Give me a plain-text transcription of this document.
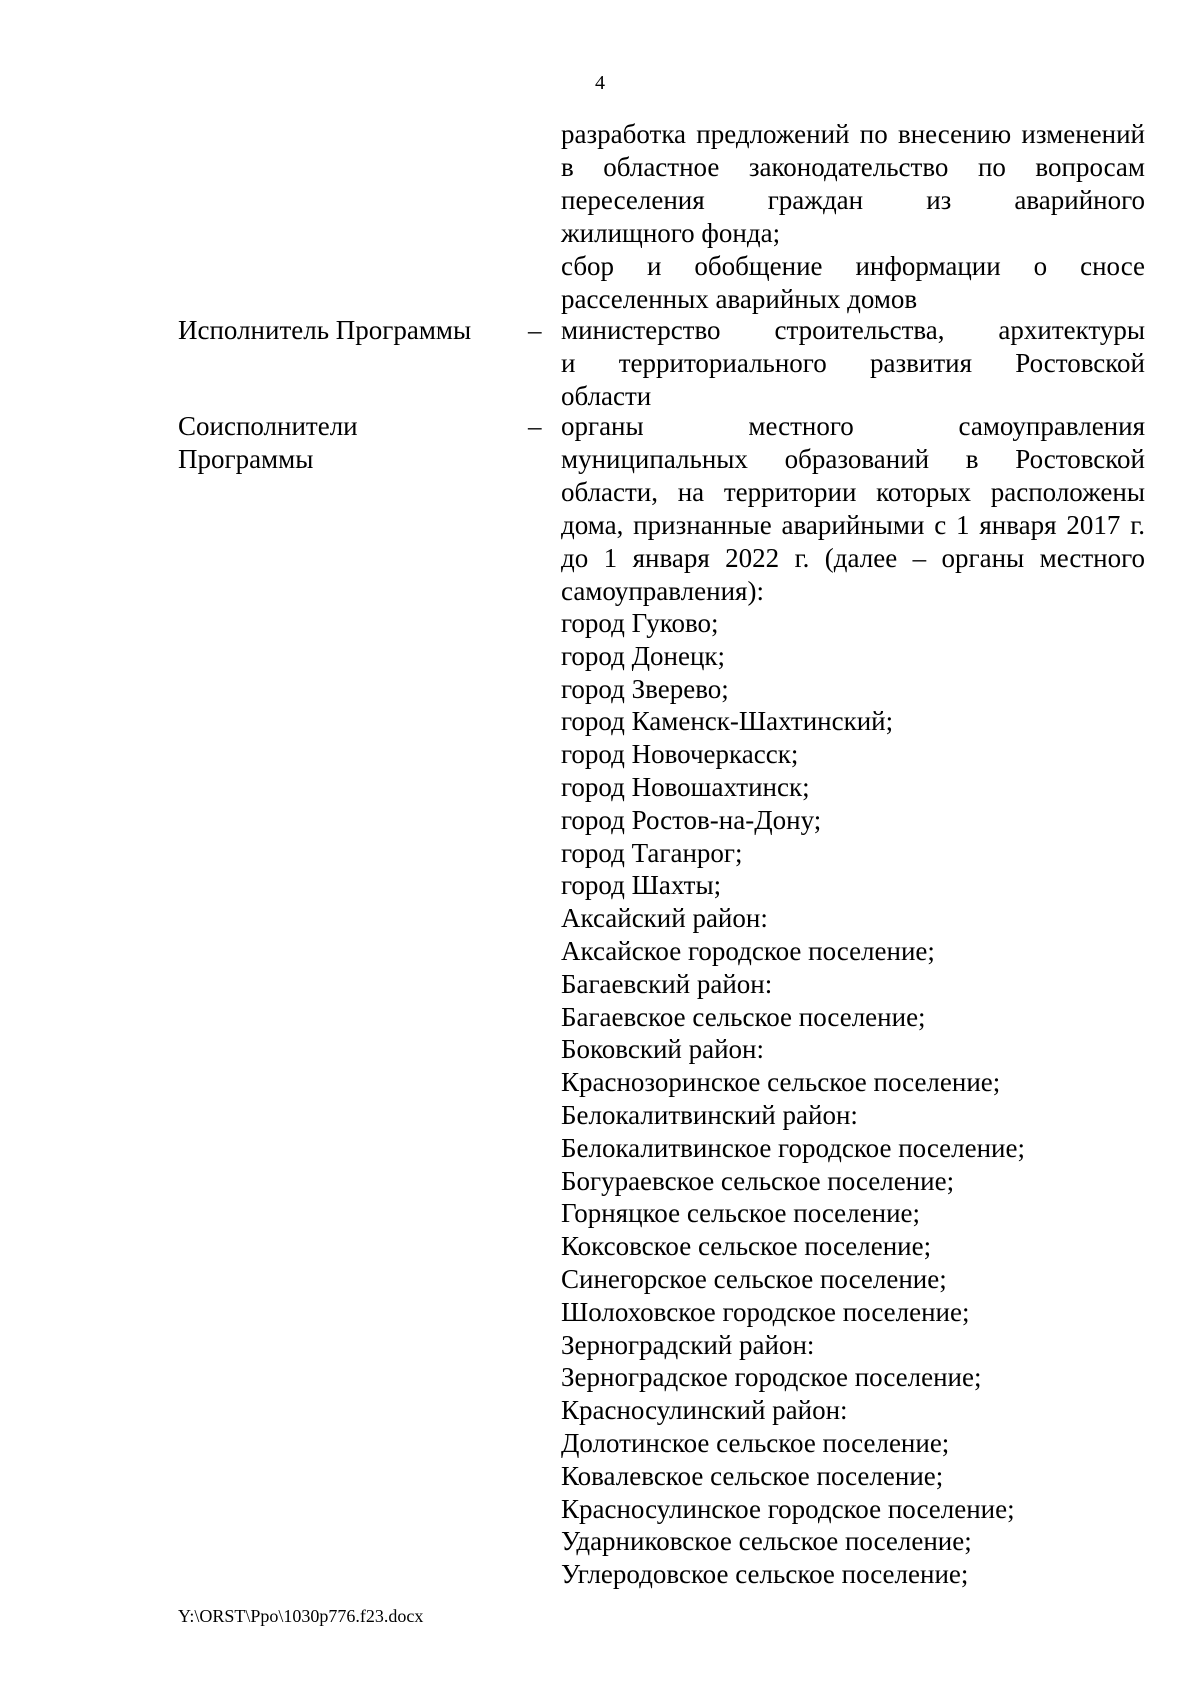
4
разработка предложений по внесению изменений
в областное законодательство по вопросам
переселения граждан из аварийного
жилищного фонда;
сбор и обобщение информации о сносе
расселенных аварийных домов
Исполнитель Программы – министерство строительства, архитектуры
и территориального развития Ростовской
области
Соисполнители
Программы
– органы местного самоуправления
муниципальных образований в Ростовской
области, на территории которых расположены
дома, признанные аварийными с 1 января 2017 г.
до 1 января 2022 г. (далее – органы местного
самоуправления):
город Гуково;
город Донецк;
город Зверево;
город Каменск-Шахтинский;
город Новочеркасск;
город Новошахтинск;
город Ростов-на-Дону;
город Таганрог;
город Шахты;
Аксайский район:
Аксайское городское поселение;
Багаевский район:
Багаевское сельское поселение;
Боковский район:
Краснозоринское сельское поселение;
Белокалитвинский район:
Белокалитвинское городское поселение;
Богураевское сельское поселение;
Горняцкое сельское поселение;
Коксовское сельское поселение;
Синегорское сельское поселение;
Шолоховское городское поселение;
Зерноградский район:
Зерноградское городское поселение;
Красносулинский район:
Долотинское сельское поселение;
Ковалевское сельское поселение;
Красносулинское городское поселение;
Ударниковское сельское поселение;
Углеродовское сельское поселение;
Y:\ORST\Ppo\1030p776.f23.docx
